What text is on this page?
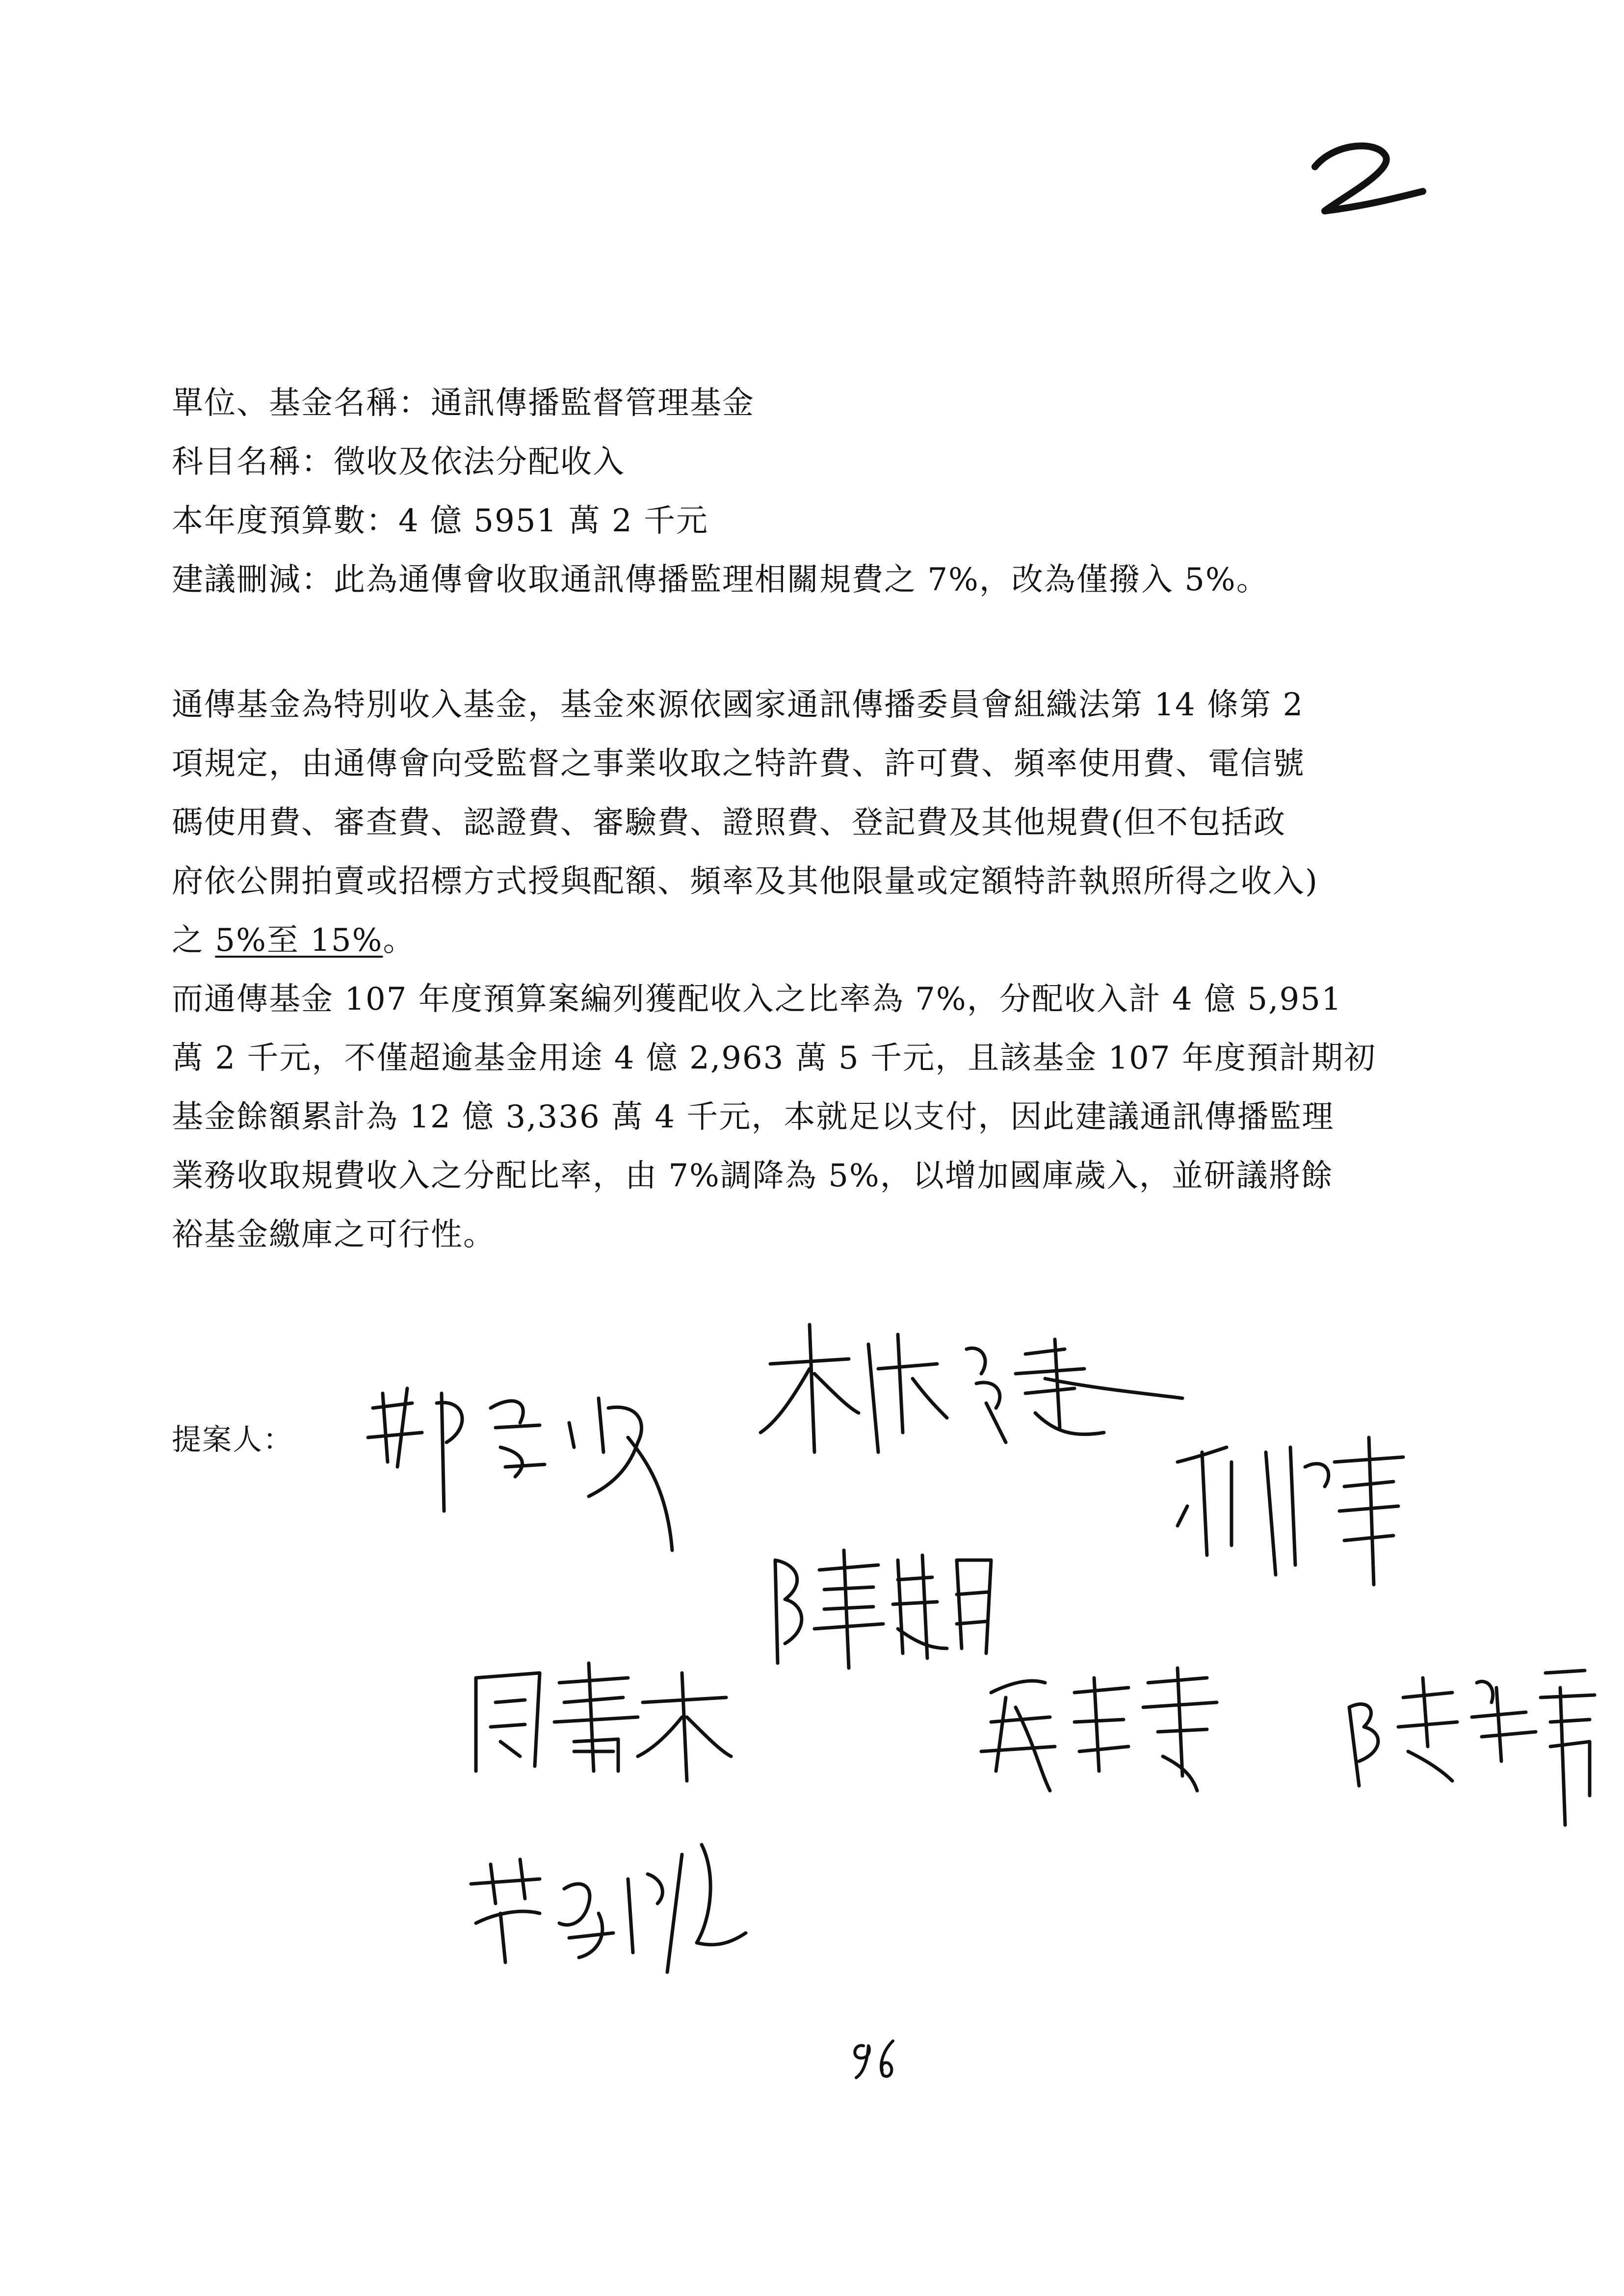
單位、基金名稱：通訊傳播監督管理基金
科目名稱：徵收及依法分配收入
本年度預算數：4 億 5951 萬 2 千元
建議刪減：此為通傳會收取通訊傳播監理相關規費之 7%，改為僅撥入 5%。
通傳基金為特別收入基金，基金來源依國家通訊傳播委員會組織法第 14 條第 2
項規定，由通傳會向受監督之事業收取之特許費、許可費、頻率使用費、電信號
碼使用費、審查費、認證費、審驗費、證照費、登記費及其他規費(但不包括政
府依公開拍賣或招標方式授與配額、頻率及其他限量或定額特許執照所得之收入)
之 5%至 15%。
而通傳基金 107 年度預算案編列獲配收入之比率為 7%，分配收入計 4 億 5,951
萬 2 千元，不僅超逾基金用途 4 億 2,963 萬 5 千元，且該基金 107 年度預計期初
基金餘額累計為 12 億 3,336 萬 4 千元，本就足以支付，因此建議通訊傳播監理
業務收取規費收入之分配比率，由 7%調降為 5%，以增加國庫歲入，並研議將餘
裕基金繳庫之可行性。
提案人：
